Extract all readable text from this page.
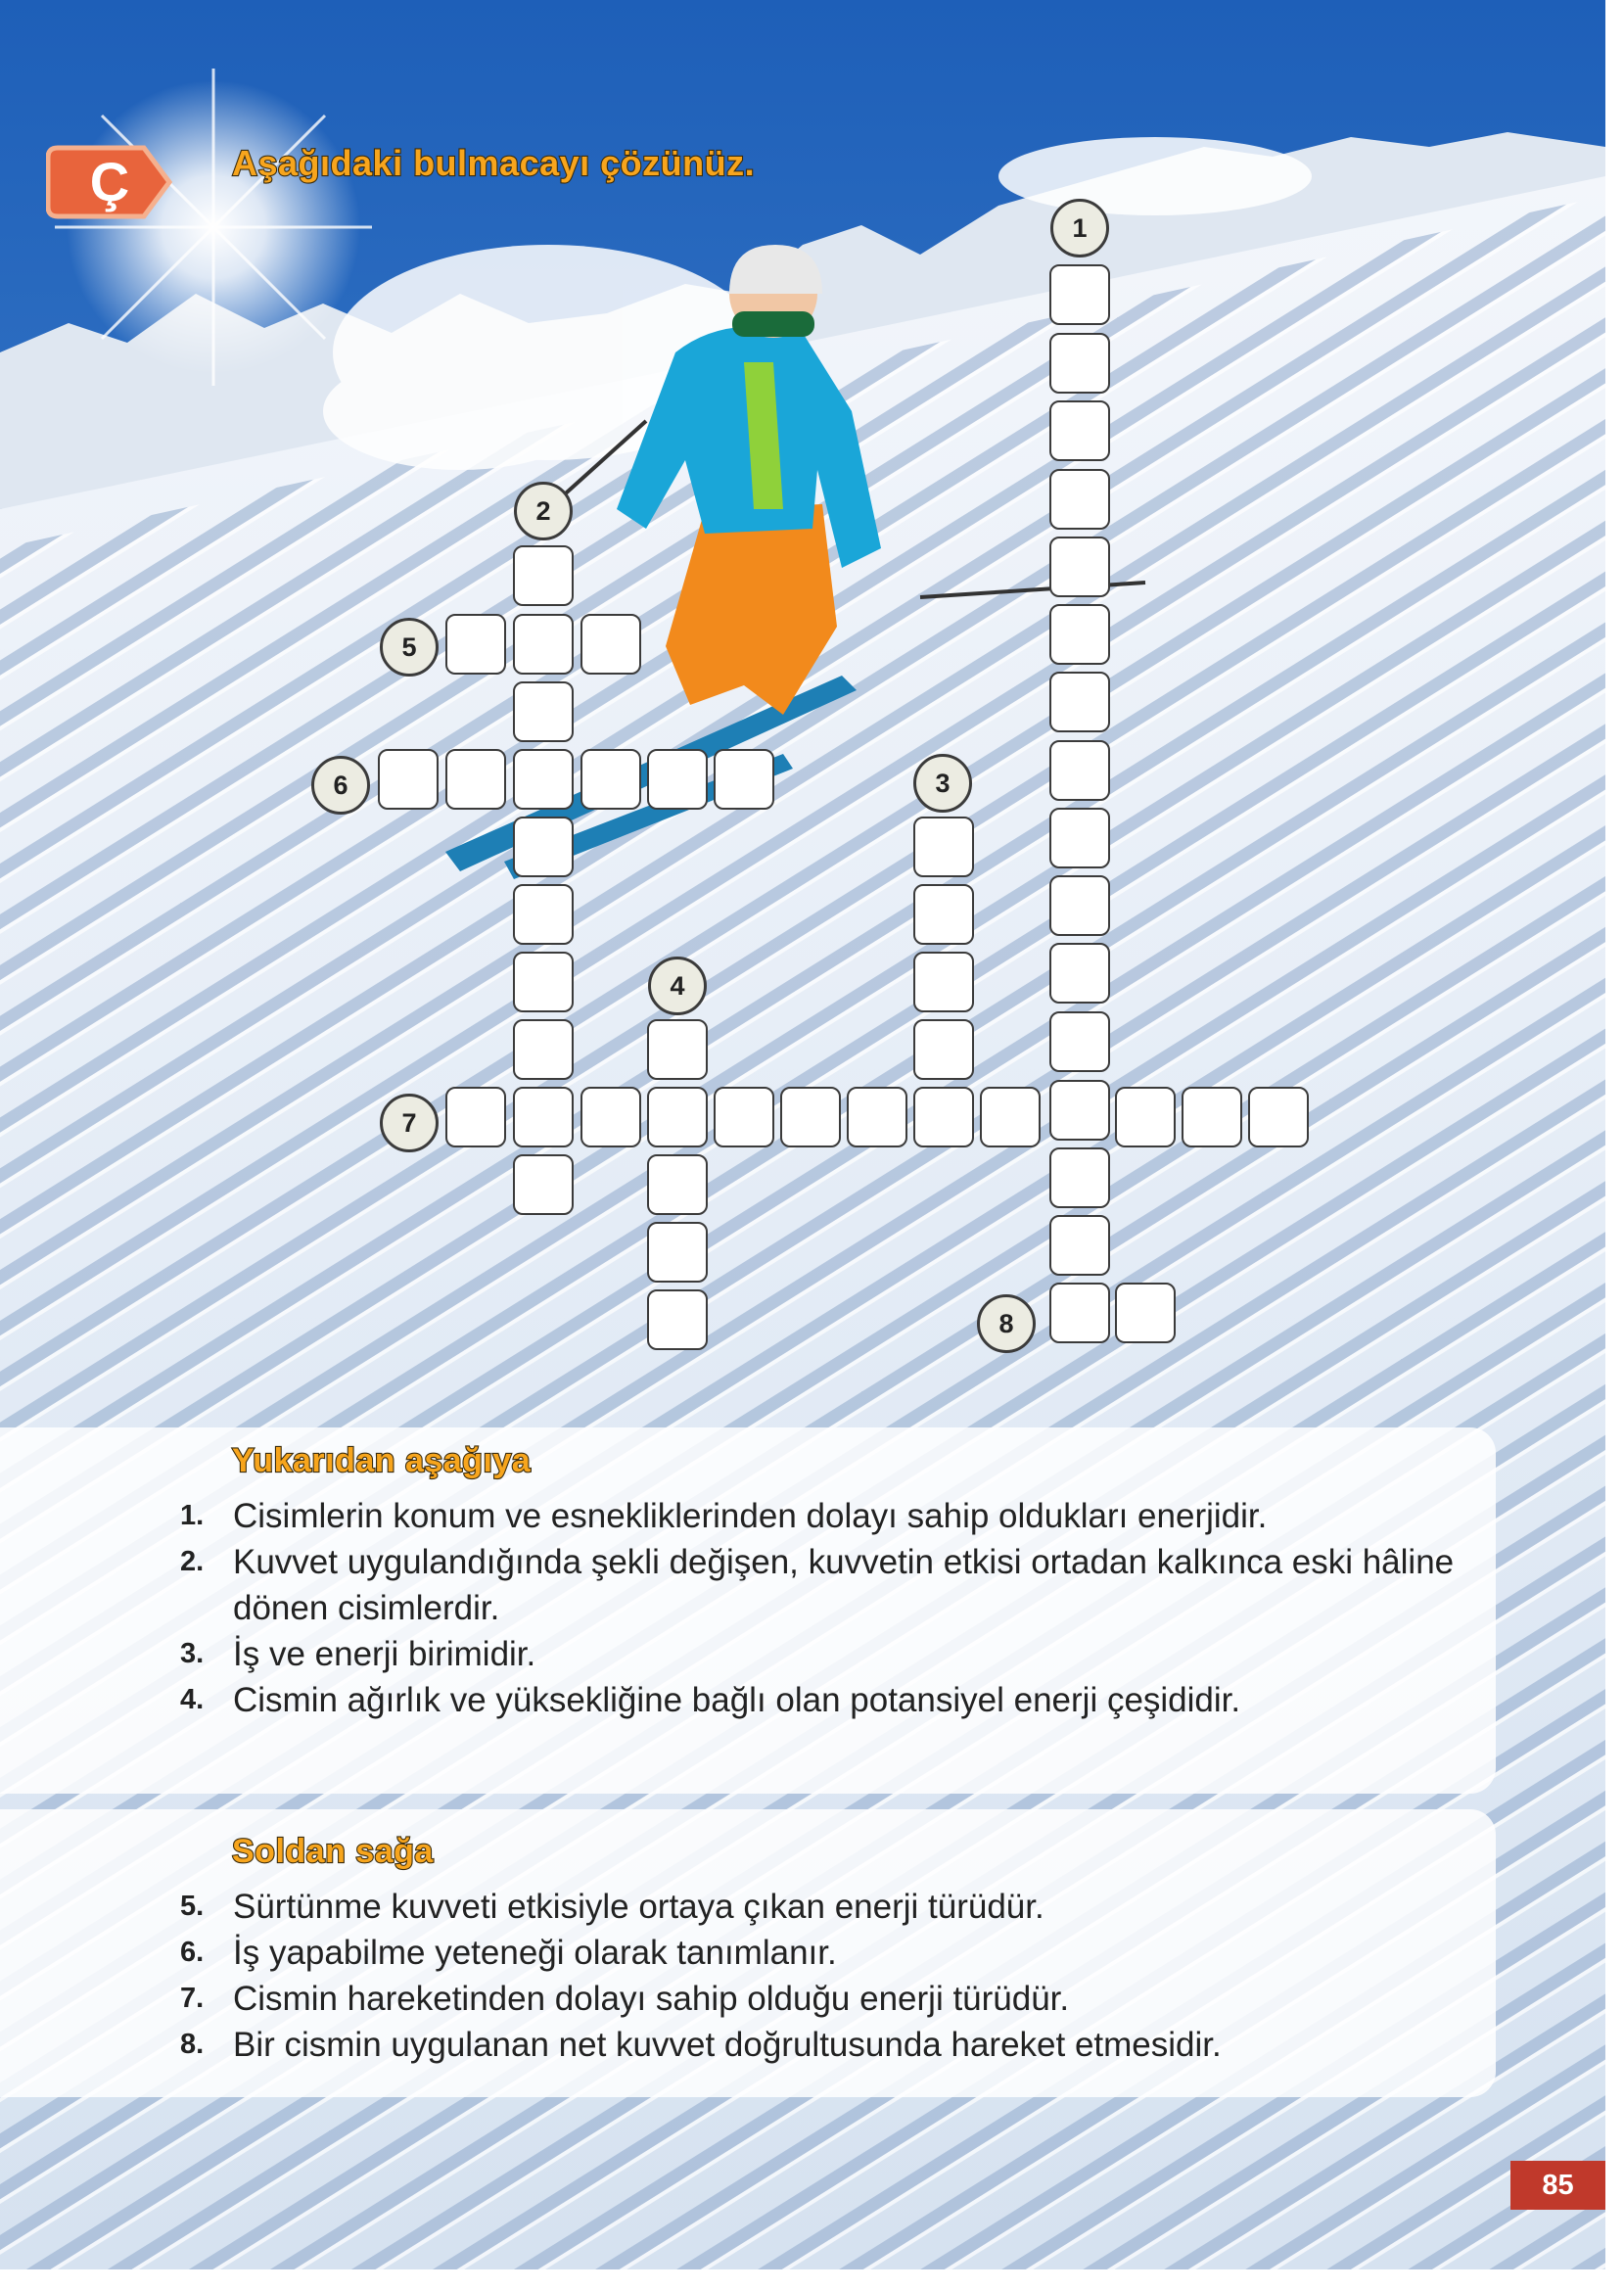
Ç	Aşağıdaki bulmacayı çözünüz.
1
2
3
4
5
6
7
8
Yukarıdan aşağıya
1. Cisimlerin konum ve esnekliklerinden dolayı sahip oldukları enerjidir.
2. Kuvvet uygulandığında şekli değişen, kuvvetin etkisi ortadan kalkınca eski hâline dönen cisimlerdir.
3. İş ve enerji birimidir.
4. Cismin ağırlık ve yüksekliğine bağlı olan potansiyel enerji çeşididir.
Soldan sağa
5. Sürtünme kuvveti etkisiyle ortaya çıkan enerji türüdür.
6. İş yapabilme yeteneği olarak tanımlanır.
7. Cismin hareketinden dolayı sahip olduğu enerji türüdür.
8. Bir cismin uygulanan net kuvvet doğrultusunda hareket etmesidir.
85
